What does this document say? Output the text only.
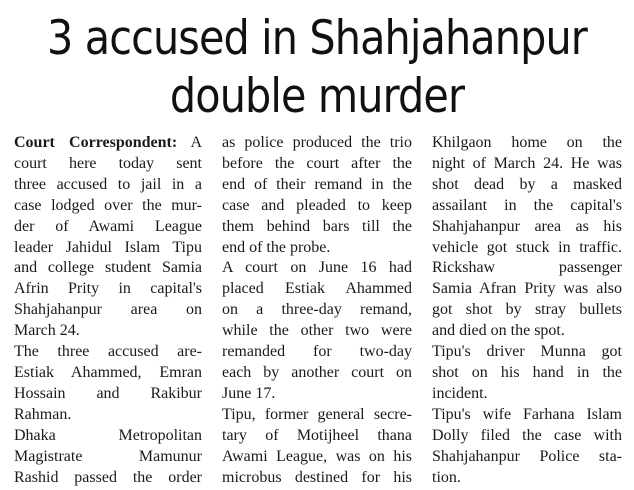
3 accused in Shahjahanpur
double murder
Court Correspondent: A
court here today sent
three accused to jail in a
case lodged over the mur-
der of Awami League
leader Jahidul Islam Tipu
and college student Samia
Afrin Prity in capital's
Shahjahanpur area on
March 24.
The three accused are-
Estiak Ahammed, Emran
Hossain and Rakibur
Rahman.
Dhaka Metropolitan
Magistrate Mamunur
Rashid passed the order
as police produced the trio
before the court after the
end of their remand in the
case and pleaded to keep
them behind bars till the
end of the probe.
A court on June 16 had
placed Estiak Ahammed
on a three-day remand,
while the other two were
remanded for two-day
each by another court on
June 17.
Tipu, former general secre-
tary of Motijheel thana
Awami League, was on his
microbus destined for his
Khilgaon home on the
night of March 24. He was
shot dead by a masked
assailant in the capital's
Shahjahanpur area as his
vehicle got stuck in traffic.
Rickshaw passenger
Samia Afran Prity was also
got shot by stray bullets
and died on the spot.
Tipu's driver Munna got
shot on his hand in the
incident.
Tipu's wife Farhana Islam
Dolly filed the case with
Shahjahanpur Police sta-
tion.
